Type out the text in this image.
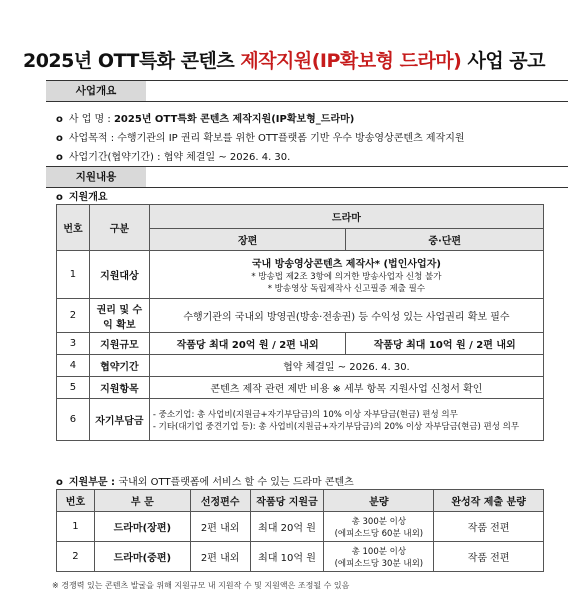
2025년 OTT특화 콘텐츠 제작지원(IP확보형 드라마) 사업 공고
사업개요
o 사 업 명 : 2025년 OTT특화 콘텐츠 제작지원(IP확보형_드라마)
o 사업목적 : 수행기관의 IP 권리 확보를 위한 OTT플랫폼 기반 우수 방송영상콘텐츠 제작지원
o 사업기간(협약기간) : 협약 체결일 ~ 2026. 4. 30.
지원내용
o 지원개요
번호	구분	드라마	
		장편	중·단편
1	지원대상	국내 방송영상콘텐츠 제작사* (법인사업자)
* 방송법 제2조 3항에 의거한 방송사업자 신청 불가
* 방송영상 독립제작사 신고필증 제출 필수	

2	권리 및 수익 확보	수행기관의 국내외 방영권(방송·전송권) 등 수익성 있는 사업권리 확보 필수	
3	지원규모	작품당 최대 20억 원 / 2편 내외	작품당 최대 10억 원 / 2편 내외
4	협약기간	협약 체결일 ~ 2026. 4. 30.	
5	지원항목	콘텐츠 제작 관련 제반 비용 ※ 세부 항목 지원사업 신청서 확인	
6	자기부담금	- 중소기업: 총 사업비(지원금+자기부담금)의 10% 이상 자부담금(현금) 편성 의무
- 기타(대기업 중견기업 등): 총 사업비(지원금+자기부담금)의 20% 이상 자부담금(현금) 편성 의무	
o 지원부문 : 국내외 OTT플랫폼에 서비스 할 수 있는 드라마 콘텐츠
번호	부 문	선정편수	작품당 지원금	분량	완성작 제출 분량
1	드라마(장편)	2편 내외	최대 20억 원	총 300분 이상
(에피소드당 60분 내외)	작품 전편
2	드라마(중편)	2편 내외	최대 10억 원	총 100분 이상
(에피소드당 30분 내외)	작품 전편
※ 경쟁력 있는 콘텐츠 발굴을 위해 지원규모 내 지원작 수 및 지원액은 조정될 수 있음
